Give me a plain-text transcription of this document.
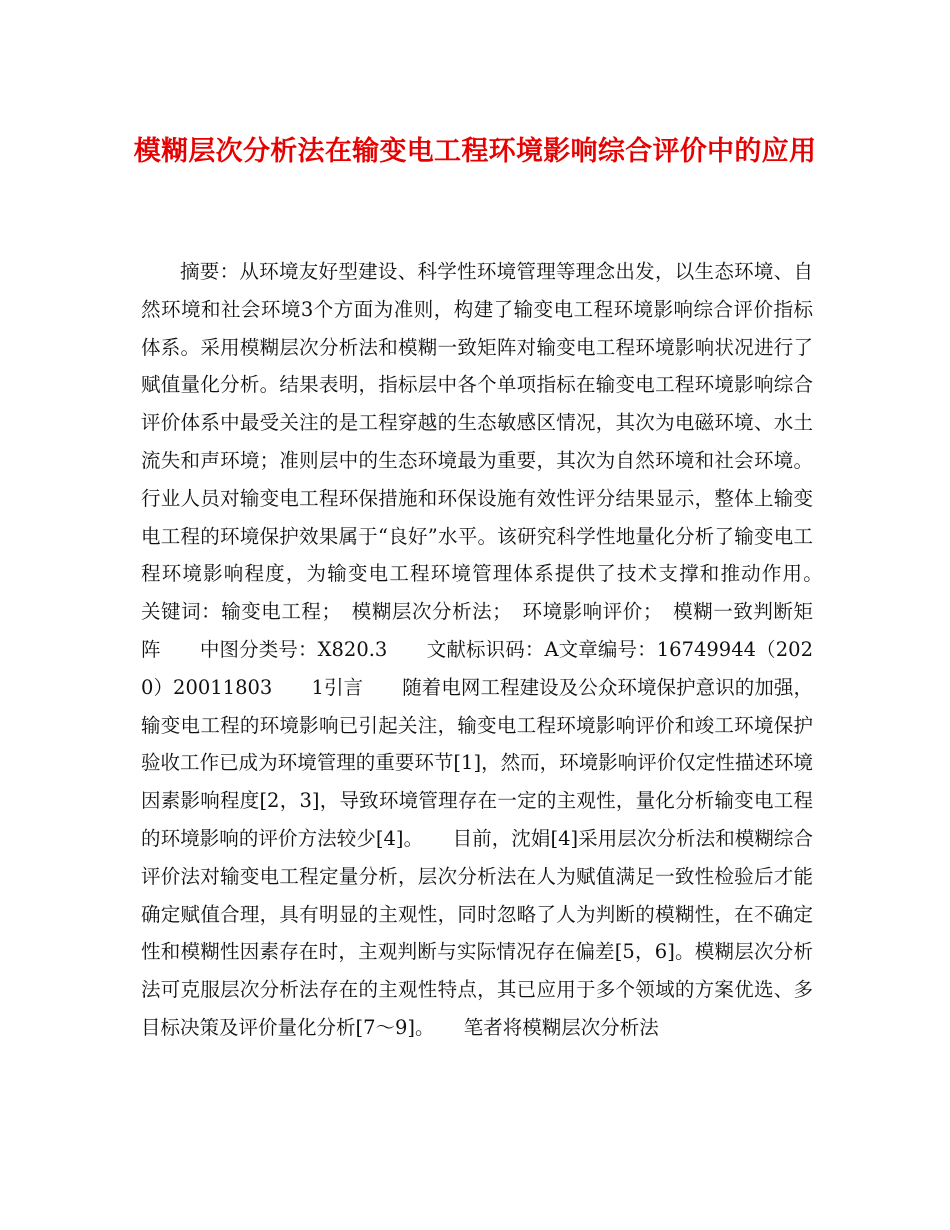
模糊层次分析法在输变电工程环境影响综合评价中的应用

摘要：从环境友好型建设、科学性环境管理等理念出发，以生态环境、自然环境和社会环境3个方面为准则，构建了输变电工程环境影响综合评价指标体系。采用模糊层次分析法和模糊一致矩阵对输变电工程环境影响状况进行了赋值量化分析。结果表明，指标层中各个单项指标在输变电工程环境影响综合评价体系中最受关注的是工程穿越的生态敏感区情况，其次为电磁环境、水土流失和声环境；准则层中的生态环境最为重要，其次为自然环境和社会环境。行业人员对输变电工程环保措施和环保设施有效性评分结果显示，整体上输变电工程的环境保护效果属于“良好”水平。该研究科学性地量化分析了输变电工程环境影响程度，为输变电工程环境管理体系提供了技术支撑和推动作用。　　关键词：输变电工程；　模糊层次分析法；　环境影响评价；　模糊一致判断矩阵　　中图分类号：X820.3　　文献标识码：A文章编号：16749944（2020）20011803　　1引言　　随着电网工程建设及公众环境保护意识的加强，输变电工程的环境影响已引起关注，输变电工程环境影响评价和竣工环境保护验收工作已成为环境管理的重要环节[1]，然而，环境影响评价仅定性描述环境因素影响程度[2，3]，导致环境管理存在一定的主观性，量化分析输变电工程的环境影响的评价方法较少[4]。　　目前，沈娟[4]采用层次分析法和模糊综合评价法对输变电工程定量分析，层次分析法在人为赋值满足一致性检验后才能确定赋值合理，具有明显的主观性，同时忽略了人为判断的模糊性，在不确定性和模糊性因素存在时，主观判断与实际情况存在偏差[5，6]。模糊层次分析法可克服层次分析法存在的主观性特点，其已应用于多个领域的方案优选、多目标决策及评价量化分析[7～9]。　　笔者将模糊层次分析法
